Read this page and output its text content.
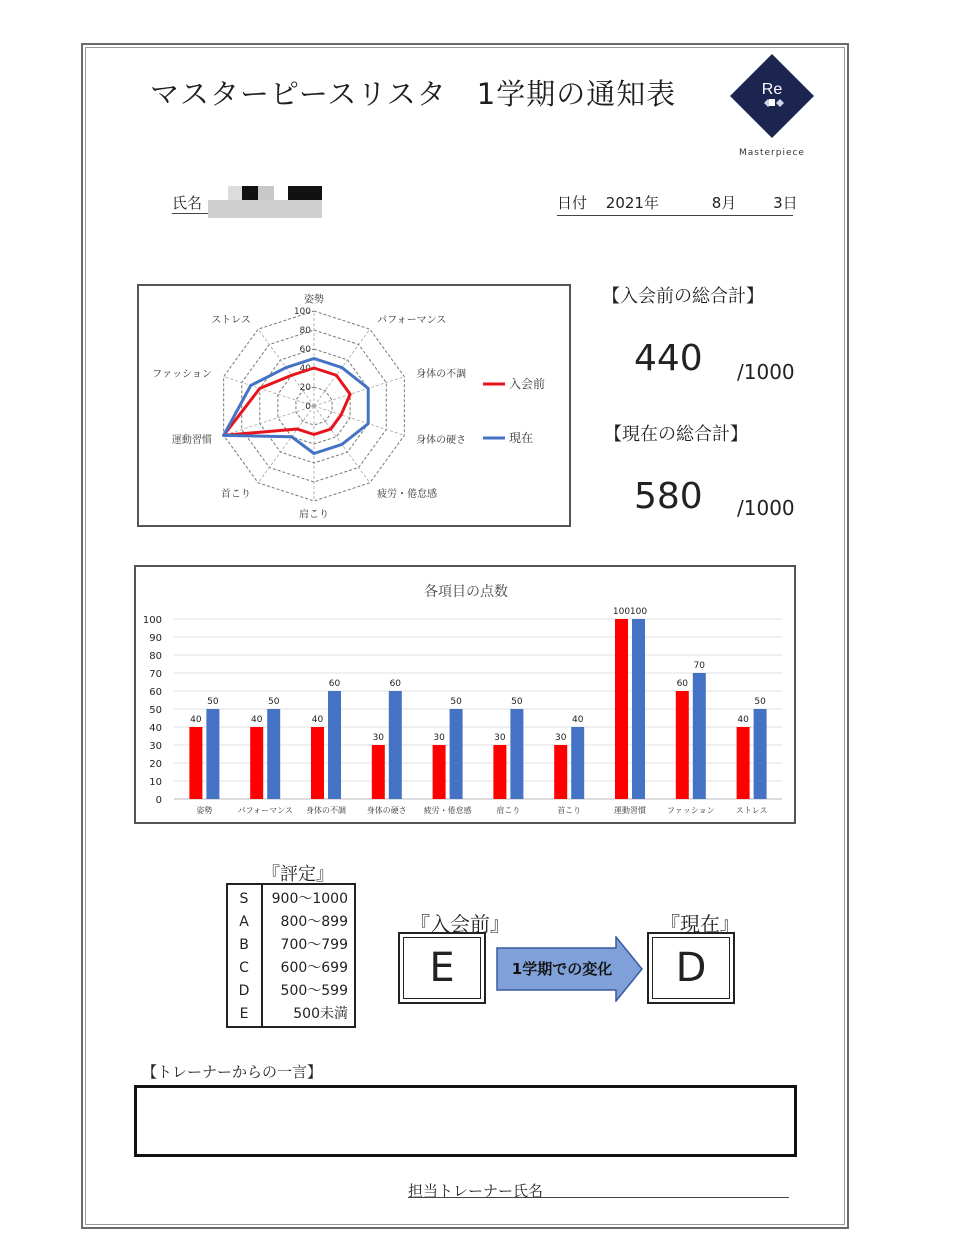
マスターピースリスタ　1学期の通知表	Re
Masterpiece
氏名	日付 2021年	8月 3日
0
20
40
60
80
100
姿勢
パフォーマンス
身体の不調
身体の硬さ
疲労・倦怠感
肩こり
首こり
運動習慣
ファッション
ストレス
入会前
現在
【入会前の総合計】
440 /1000
【現在の総合計】
580 /1000
各項目の点数
0
10
20
30
40
50
60
70
80
90
100
40
50
姿勢
40
50
パフォーマンス
40
60
身体の不調
30
60
身体の硬さ
30
50
疲労・倦怠感
30
50
肩こり
30
40
首こり
100 100
運動習慣
60
70
ファッション
40
50
ストレス
『評定』
S	900〜1000
A	800〜899
B	700〜799
C	600〜699
D	500〜599
E	500未満
『入会前』
E	1学期での変化
『現在』
D
【トレーナーからの一言】
担当トレーナー氏名
